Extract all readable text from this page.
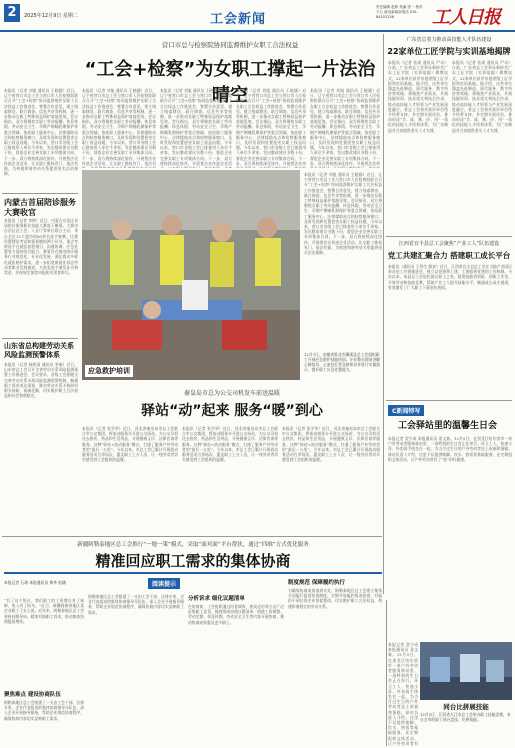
2	2025年12月9日 星期二	工会新闻
责任编辑 赵婷 美编 张一 校对 于心 政治新闻部电话 010-84151236	工人日报
营口市总与检察院协同监督维护女职工合法权益
“工会+检察”为女职工撑起一片法治晴空
本报讯（记者 刘旭 通讯员 王晓涵）近日，辽宁省营口市总工会与营口市人民检察院联合召开“工会+检察”协同监督维护女职工合法权益工作推进会，签署合作意见，建立线索移送、联合调查、信息共享等机制，进一步推动女职工特殊权益保护落地见效。会议指出，双方将聚焦女职工劳动报酬、休息休假、劳动安全卫生、孕期产期哺乳期保护等重点领域，依托职工服务中心、法律援助站点和检察服务窗口，及时发现和处置侵害女职工权益问题。今年以来，营口市各级工会已排查用人单位千余家，发出整改建议书数十份，督促企业完善女职工专项集体合同。下一步，双方将持续深化协作，开展普法宣传进企业活动，让女职工维权有门、依法有据，为构建和谐劳动关系提供坚实法治保障。
本报讯（记者 刘旭 通讯员 王晓涵）近日，辽宁省营口市总工会与营口市人民检察院联合召开“工会+检察”协同监督维护女职工合法权益工作推进会，签署合作意见，建立线索移送、联合调查、信息共享等机制，进一步推动女职工特殊权益保护落地见效。会议指出，双方将聚焦女职工劳动报酬、休息休假、劳动安全卫生、孕期产期哺乳期保护等重点领域，依托职工服务中心、法律援助站点和检察服务窗口，及时发现和处置侵害女职工权益问题。今年以来，营口市各级工会已排查用人单位千余家，发出整改建议书数十份，督促企业完善女职工专项集体合同。下一步，双方将持续深化协作，开展普法宣传进企业活动，让女职工维权有门、依法有
本报讯（记者 刘旭 通讯员 王晓涵）近日，辽宁省营口市总工会与营口市人民检察院联合召开“工会+检察”协同监督维护女职工合法权益工作推进会，签署合作意见，建立线索移送、联合调查、信息共享等机制，进一步推动女职工特殊权益保护落地见效。会议指出，双方将聚焦女职工劳动报酬、休息休假、劳动安全卫生、孕期产期哺乳期保护等重点领域，依托职工服务中心、法律援助站点和检察服务窗口，及时发现和处置侵害女职工权益问题。今年以来，营口市各级工会已排查用人单位千余家，发出整改建议书数十份，督促企业完善女职工专项集体合同。下一步，双方将持续深化协作，开展普法宣传进企业活
本报讯（记者 刘旭 通讯员 王晓涵）近日，辽宁省营口市总工会与营口市人民检察院联合召开“工会+检察”协同监督维护女职工合法权益工作推进会，签署合作意见，建立线索移送、联合调查、信息共享等机制，进一步推动女职工特殊权益保护落地见效。会议指出，双方将聚焦女职工劳动报酬、休息休假、劳动安全卫生、孕期产期哺乳期保护等重点领域，依托职工服务中心、法律援助站点和检察服务窗口，及时发现和处置侵害女职工权益问题。今年以来，营口市各级工会已排查用人单位千余家，发出整改建议书数十份，督促企业完善女职工专项集体合同。下一步，双方将持续深化协作，开展普法宣传
本报讯（记者 刘旭 通讯员 王晓涵）近日，辽宁省营口市总工会与营口市人民检察院联合召开“工会+检察”协同监督维护女职工合法权益工作推进会，签署合作意见，建立线索移送、联合调查、信息共享等机制，进一步推动女职工特殊权益保护落地见效。会议指出，双方将聚焦女职工劳动报酬、休息休假、劳动安全卫生、孕期产期哺乳期保护等重点领域，依托职工服务中心、法律援助站点和检察服务窗口，及时发现和处置侵害女职工权益问题。今年以来，营口市各级工会已排查用人单位千余家，发出整改建议书数十份，督促企业完善女职工专项集体合同。下一步，双方将持续深化协作，开展普法宣传
应急救护培训
12月7日，安徽省淮北市濉溪县总工会组织职工开展应急救护技能培训。专业教员现场讲解心肺复苏、止血包扎等急救知识并进行实操演示，提升职工应急处置能力。
本报讯（记者 刘旭 通讯员 王晓涵）近日，辽宁省营口市总工会与营口市人民检察院联合召开“工会+检察”协同监督维护女职工合法权益工作推进会，签署合作意见，建立线索移送、联合调查、信息共享等机制，进一步推动女职工特殊权益保护落地见效。会议指出，双方将聚焦女职工劳动报酬、休息休假、劳动安全卫生、孕期产期哺乳期保护等重点领域，依托职工服务中心、法律援助站点和检察服务窗口，及时发现和处置侵害女职工权益问题。今年以来，营口市各级工会已排查用人单位千余家，发出整改建议书数十份，督促企业完善女职工专项集体合同。下一步，双方将持续深化协作，开展普法宣传进企业活动，让女职工维权有门、依法有据，为构建和谐劳动关系提供坚实法治保障。
内蒙古首届陪诊服务大赛收官
本报讯（记者 李婷）近日，内蒙古自治区首届陪诊服务职业技能大赛落下帷幕。大赛由自治区总工会、人社厅等单位联合主办，来自全区12个盟市的80余名选手参赛。比赛设置理论考试和情景模拟两个环节，重点考察选手在就医流程指引、沟通协调、应急处置等方面的综合能力。赛事旨在推动陪诊服务行业规范化、专业化发展，满足群众多样化就医陪护需求，进一步拓宽新就业形态劳动者职业发展通道，为获奖选手颁发证书和奖金，并按规定推荐申报相关荣誉称号。
山东省总构建劳动关系风险监测预警体系
本报讯（记者 杨明清 通讯员 李瑞）近日，山东省总工会召开全省劳动关系风险监测预警工作推进会。会议要求，各级工会要健全完善劳动关系矛盾风险监测预警机制，畅通职工诉求表达渠道，推动劳动关系矛盾纠纷源头预防、前端化解，切实维护职工合法权益和社会和谐稳定。	秦皇岛市总为公交司机发车前送温暖
驿站“动”起来 服务“暖”到心
本报讯（记者 张学华）近日，河北省秦皇岛市总工会联合市公交集团，将流动服务车开进公交场站，为公交司机送去热饮、药品和生活用品，开展健康义诊、法律咨询等服务。这种“驿站+流动服务”模式，打通了服务户外劳动者的“最后一公里”。今年以来，市总工会已累计开展流动服务活动百余场次，惠及职工上万人次，让一线劳动者切实感受到工会组织的温暖。
本报讯（记者 张学华）近日，河北省秦皇岛市总工会联合市公交集团，将流动服务车开进公交场站，为公交司机送去热饮、药品和生活用品，开展健康义诊、法律咨询等服务。这种“驿站+流动服务”模式，打通了服务户外劳动者的“最后一公里”。今年以来，市总工会已累计开展流动服务活动百余场次，惠及职工上万人次，让一线劳动者切实感受到工会组织的温暖。
本报讯（记者 张学华）近日，河北省秦皇岛市总工会联合市公交集团，将流动服务车开进公交场站，为公交司机送去热饮、药品和生活用品，开展健康义诊、法律咨询等服务。这种“驿站+流动服务”模式，打通了服务户外劳动者的“最后一公里”。今年以来，市总工会已累计开展流动服务活动百余场次，惠及职工上万人次，让一线劳动者切实感受到工会组织的温暖。
广东省总着力推动高技能人才队伍建设
22家单位工匠学院与实训基地揭牌
本报讯（记者 张涌 通讯员 严卓）日前，广东省总工会举办新时代广东工匠学院（实训基地）揭牌仪式，22家单位获评首批省级工匠学院和实训基地。据介绍，这些单位涵盖先进制造、现代服务、数字经济等领域，将聚焦产业需求，开展技能培训、技术攻关和技艺传承，推动高技能人才培养与产业发展深度融合。省总工会将对获评单位给予经费支持，并定期开展评估，推动形成“学、练、赛、评、用”一体化的技能人才培养体系，为广东制造业当家提供坚实人才支撑。
本报讯（记者 张涌 通讯员 严卓）日前，广东省总工会举办新时代广东工匠学院（实训基地）揭牌仪式，22家单位获评首批省级工匠学院和实训基地。据介绍，这些单位涵盖先进制造、现代服务、数字经济等领域，将聚焦产业需求，开展技能培训、技术攻关和技艺传承，推动高技能人才培养与产业发展深度融合。省总工会将对获评单位给予经费支持，并定期开展评估，推动形成“学、练、赛、评、用”一体化的技能人才培养体系，为广东制造业当家提供坚实人才支撑。
江西省宜丰县总工会聚焦“产业工人”队伍建设
党工共建汇聚合力 搭建职工成长平台
本报讯（通讯员 王铁生 熊安）近日，江西省宜丰县总工会在当地产业园区举办党工共建推进会，建立以党建带工建、工建服务党建的工作机制。今年以来，该县总工会依托园区职工之家，组建技能培训班、创新工作室，开展劳动和技能竞赛，帮助产业工人提升技能水平，畅通成长成才通道，有效激发了广大职工干事创业热情。
C新闻特写
工会驿站里的温馨生日会
本报记者 贺少成 本报通讯员 姜文新。12月5日，在黑龙江哈尔滨市一家户外劳动者服务驿站里，一场特别的生日会正在举行。环卫工人、快递小哥、外卖骑手围坐在一起，为当月过生日的户外劳动者送上祝福和蛋糕。驿站负责人介绍，这里不仅提供歇脚、饮水、热饭等基础服务，还定期组织文体活动，让户外劳动者有了“家”的归属感。
同台比拼展技能
12月5日，江西省九江市总工会举办职工技能竞赛，来自全市的职工同台竞技，比拼技能。
新疆阿勒泰地区总工会推行“一地一策”模式，采取“面对面”平台帮扶，通过“四维”方式优化服务
精准回应职工需求的集体协商
阅读提示
本报记者 石琦 本报通讯员 黄华 宿涵
“有了这个协议，我们职工的工资增长有了保障，收入有了盼头。”近日，新疆阿勒泰地区某企业职工王女士说。近年来，阿勒泰地区总工会坚持问题导向，精准对接职工诉求，推动集体协商提质增效。
聚焦难点 建设协商队伍
阿勒泰地区总工会组建了一支由工会干部、法律专家、企业代表组成的集体协商指导员队伍，深入企业开展指导服务，帮助企业规范协商程序，确保协商内容切实反映职工需求。
阿勒泰地区总工会组建了一支由工会干部、法律专家、企业代表组成的集体协商指导员队伍，深入企业开展指导服务，帮助企业规范协商程序，确保协商内容切实反映职工需求。
分析诉求 细化议题清单
在协商前，工会组织通过问卷调查、座谈走访等方式广泛征集职工意见，梳理形成协商议题清单，围绕工资调整、劳动定额、休息休假、劳动安全卫生等内容开展协商，推动协商成果惠及更多职工。
制度规范 保障履约执行
为确保协商成果落到实处，阿勒泰地区总工会建立集体合同履行监督检查制度，定期开展履约情况检查，对履约不到位的企业督促整改，切实维护职工合法权益，构建和谐稳定的劳动关系。
本报记者 贺少成 本报通讯员 姜文新。12月5日，在黑龙江哈尔滨市一家户外劳动者服务驿站里，一场特别的生日会正在举行。环卫工人、快递小哥、外卖骑手围坐在一起，为当月过生日的户外劳动者送上祝福和蛋糕。驿站负责人介绍，这里不仅提供歇脚、饮水、热饭等基础服务，还定期组织文体活动，让户外劳动者有
